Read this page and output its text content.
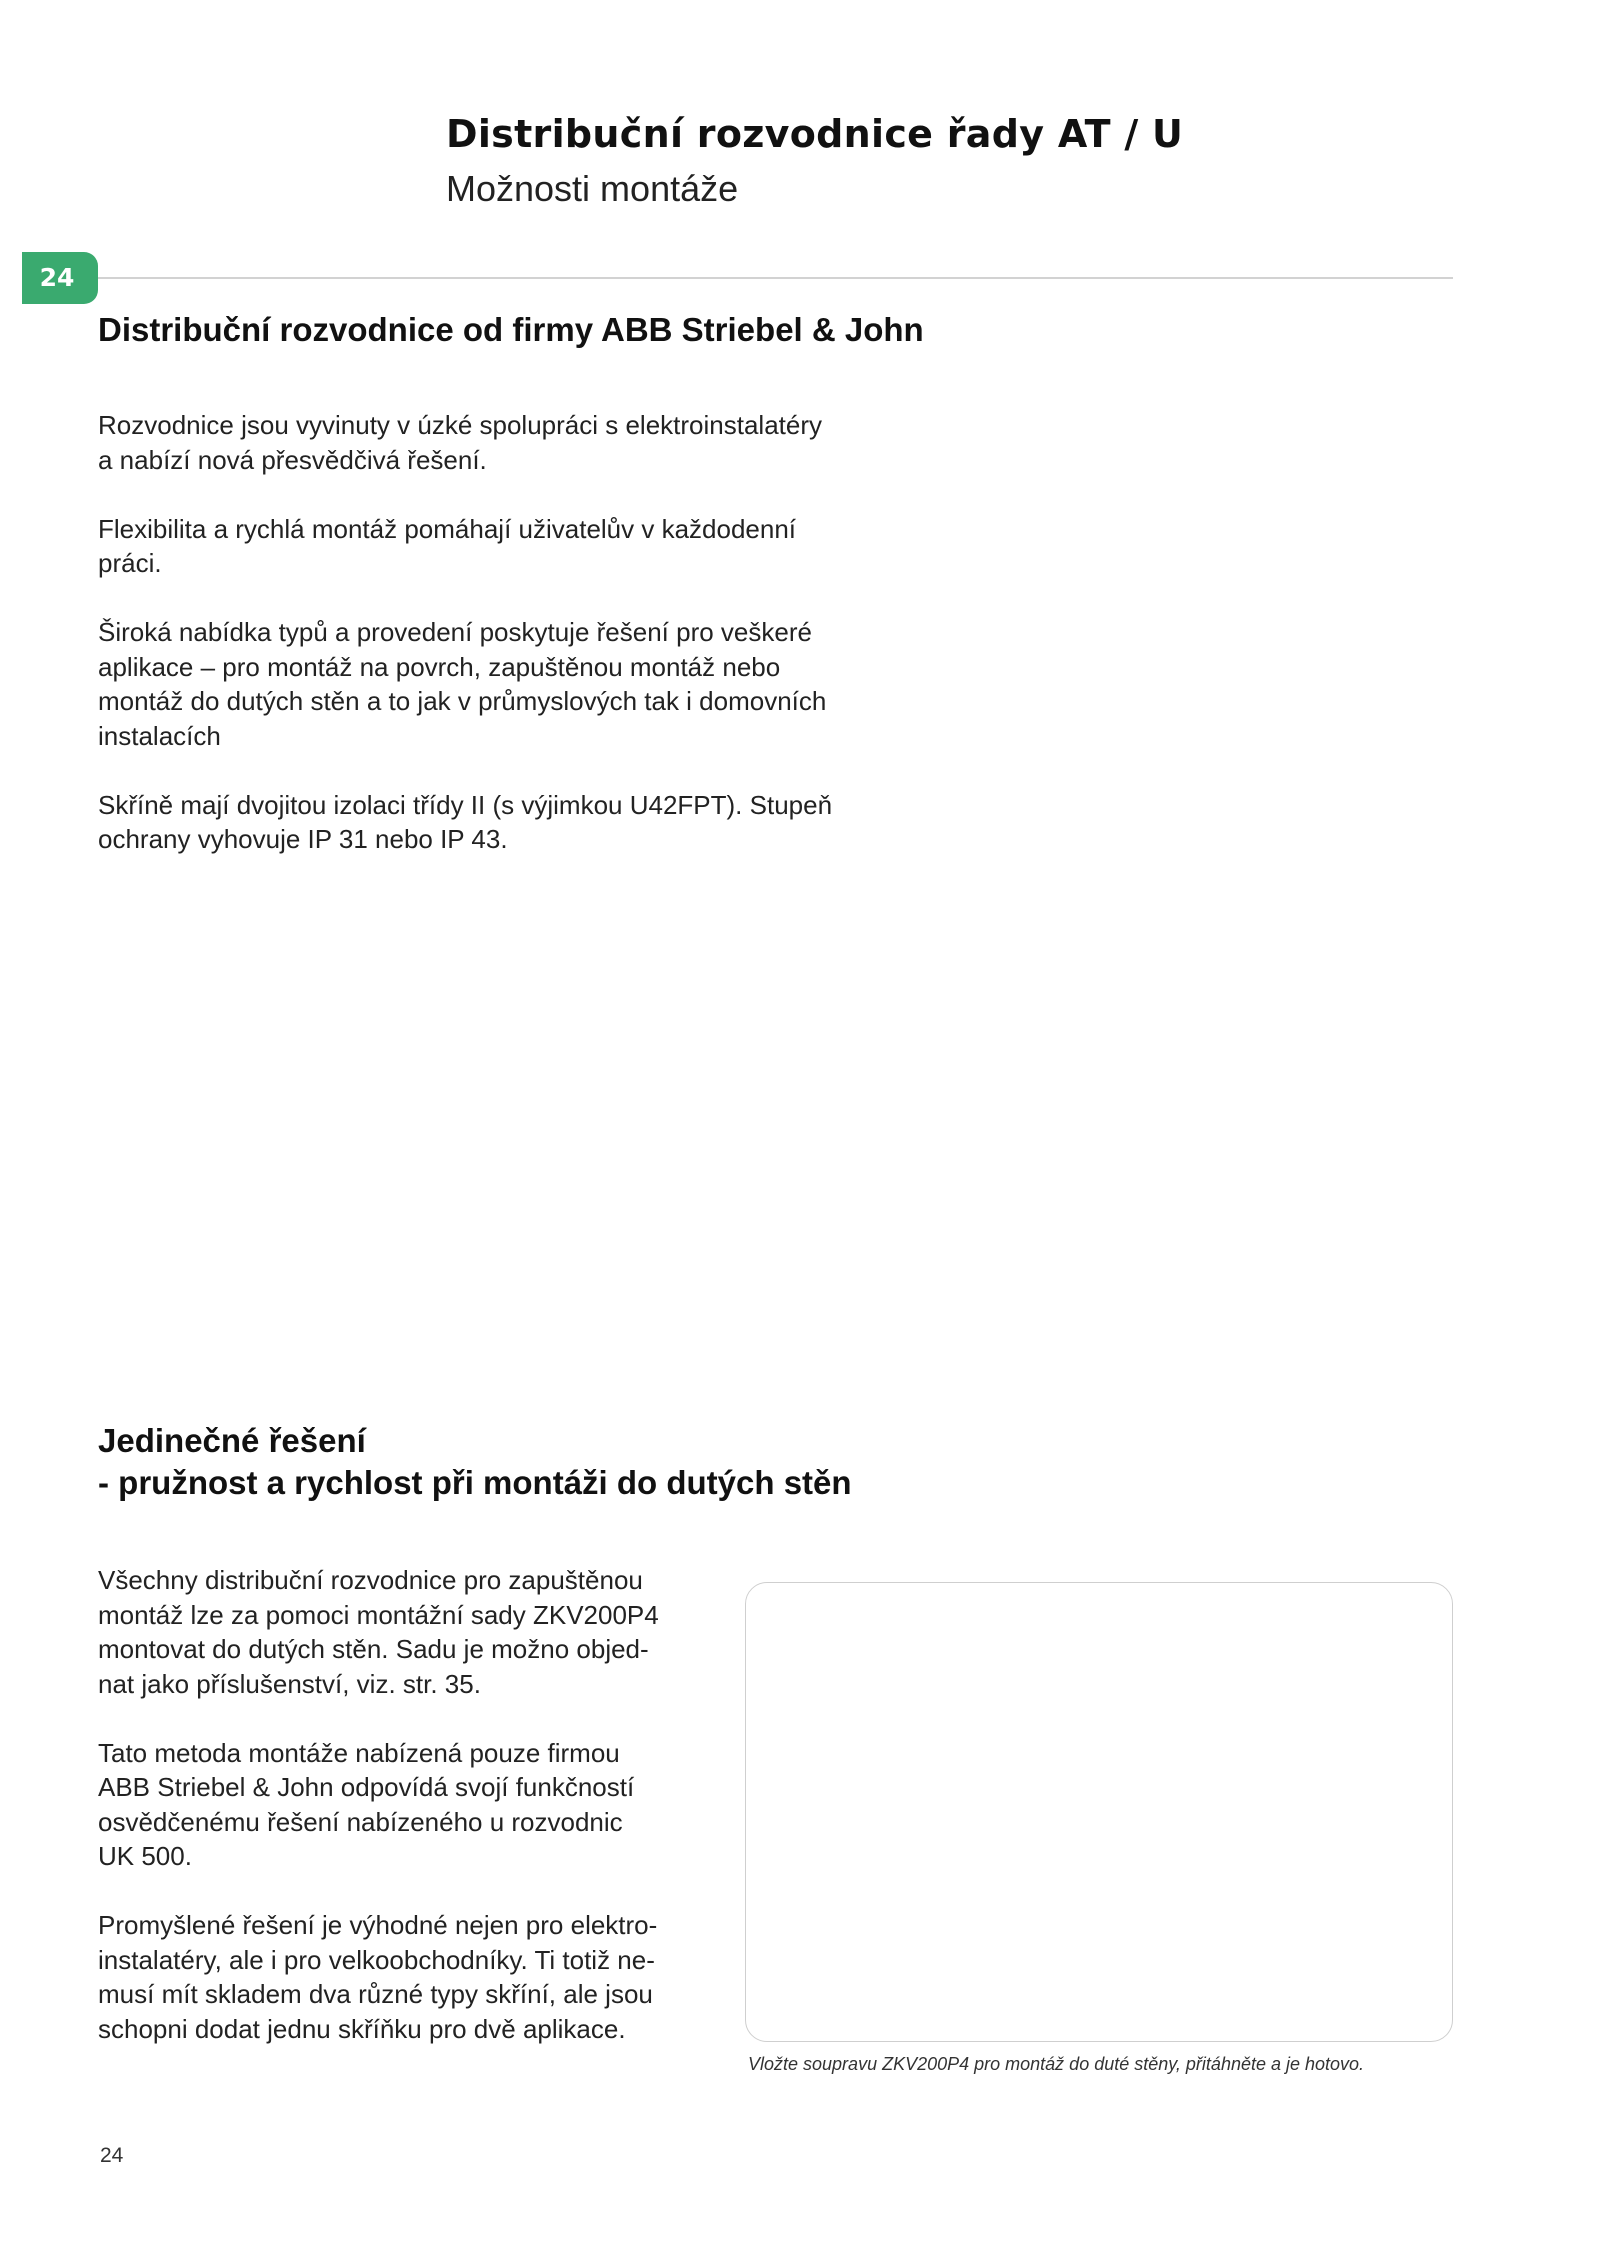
Distribuční rozvodnice řady AT / U
Možnosti montáže
24
Distribuční rozvodnice od firmy ABB Striebel & John

Rozvodnice jsou vyvinuty v úzké spolupráci s elektroinstalatéry
a nabízí nová přesvědčivá řešení.

Flexibilita a rychlá montáž pomáhají uživatelův v každodenní
práci.

Široká nabídka typů a provedení poskytuje řešení pro veškeré
aplikace – pro montáž na povrch, zapuštěnou montáž nebo
montáž do dutých stěn a to jak v průmyslových tak i domovních
instalacích

Skříně mají dvojitou izolaci třídy II (s výjimkou U42FPT). Stupeň
ochrany vyhovuje IP 31 nebo IP 43.

Jedinečné řešení
- pružnost a rychlost při montáži do dutých stěn

Všechny distribuční rozvodnice pro zapuštěnou
montáž lze za pomoci montážní sady ZKV200P4
montovat do dutých stěn. Sadu je možno objed-
nat jako příslušenství, viz. str. 35.

Tato metoda montáže nabízená pouze firmou
ABB Striebel & John odpovídá svojí funkčností
osvědčenému řešení nabízeného u rozvodnic
UK 500.

Promyšlené řešení je výhodné nejen pro elektro-
instalatéry, ale i pro velkoobchodníky. Ti totiž ne-
musí mít skladem dva různé typy skříní, ale jsou
schopni dodat jednu skříňku pro dvě aplikace.

Vložte soupravu ZKV200P4 pro montáž do duté stěny, přitáhněte a je hotovo.
24
